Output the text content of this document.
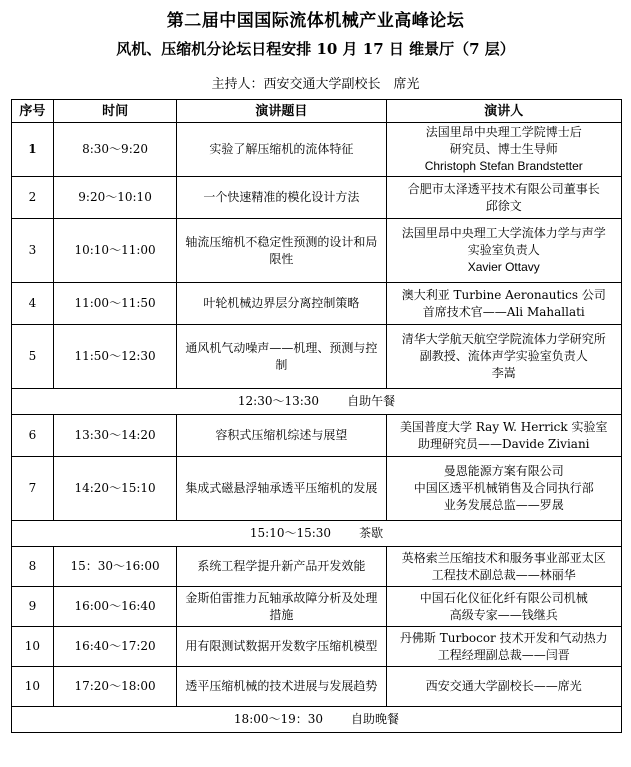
第二届中国国际流体机械产业高峰论坛
风机、压缩机分论坛日程安排 10 月 17 日 维景厅（7 层）
主持人：西安交通大学副校长　席光
序号	时间	演讲题目	演讲人
1	8:30～9:20	实验了解压缩机的流体特征	法国里昂中央理工学院博士后
研究员、博士生导师
Christoph Stefan Brandstetter

2	9:20～10:10	一个快速精准的模化设计方法	合肥市太泽透平技术有限公司董事长
邱徐文

3	10:10～11:00	轴流压缩机不稳定性预测的设计和局限性	法国里昂中央理工大学流体力学与声学
实验室负责人
Xavier Ottavy

4	11:00～11:50	叶轮机械边界层分离控制策略	澳大利亚 Turbine Aeronautics 公司
首席技术官——Ali Mahallati

5	11:50～12:30	通风机气动噪声——机理、预测与控制	清华大学航天航空学院流体力学研究所
副教授、流体声学实验室负责人
李嵩

12:30～13:30 自助午餐			
6	13:30～14:20	容积式压缩机综述与展望	美国普度大学 Ray W. Herrick 实验室
助理研究员——Davide Ziviani

7	14:20～15:10	集成式磁悬浮轴承透平压缩机的发展	曼恩能源方案有限公司
中国区透平机械销售及合同执行部
业务发展总监——罗晟

15:10～15:30 茶歇			
8	15：30～16:00	系统工程学提升新产品开发效能	英格索兰压缩技术和服务事业部亚太区
工程技术副总裁——林丽华

9	16:00～16:40	金斯伯雷推力瓦轴承故障分析及处理措施	中国石化仪征化纤有限公司机械
高级专家——钱继兵

10	16:40～17:20	用有限测试数据开发数字压缩机模型	丹佛斯 Turbocor 技术开发和气动热力
工程经理副总裁——闫晋

10	17:20～18:00	透平压缩机械的技术进展与发展趋势	西安交通大学副校长——席光

18:00～19：30 自助晚餐			
